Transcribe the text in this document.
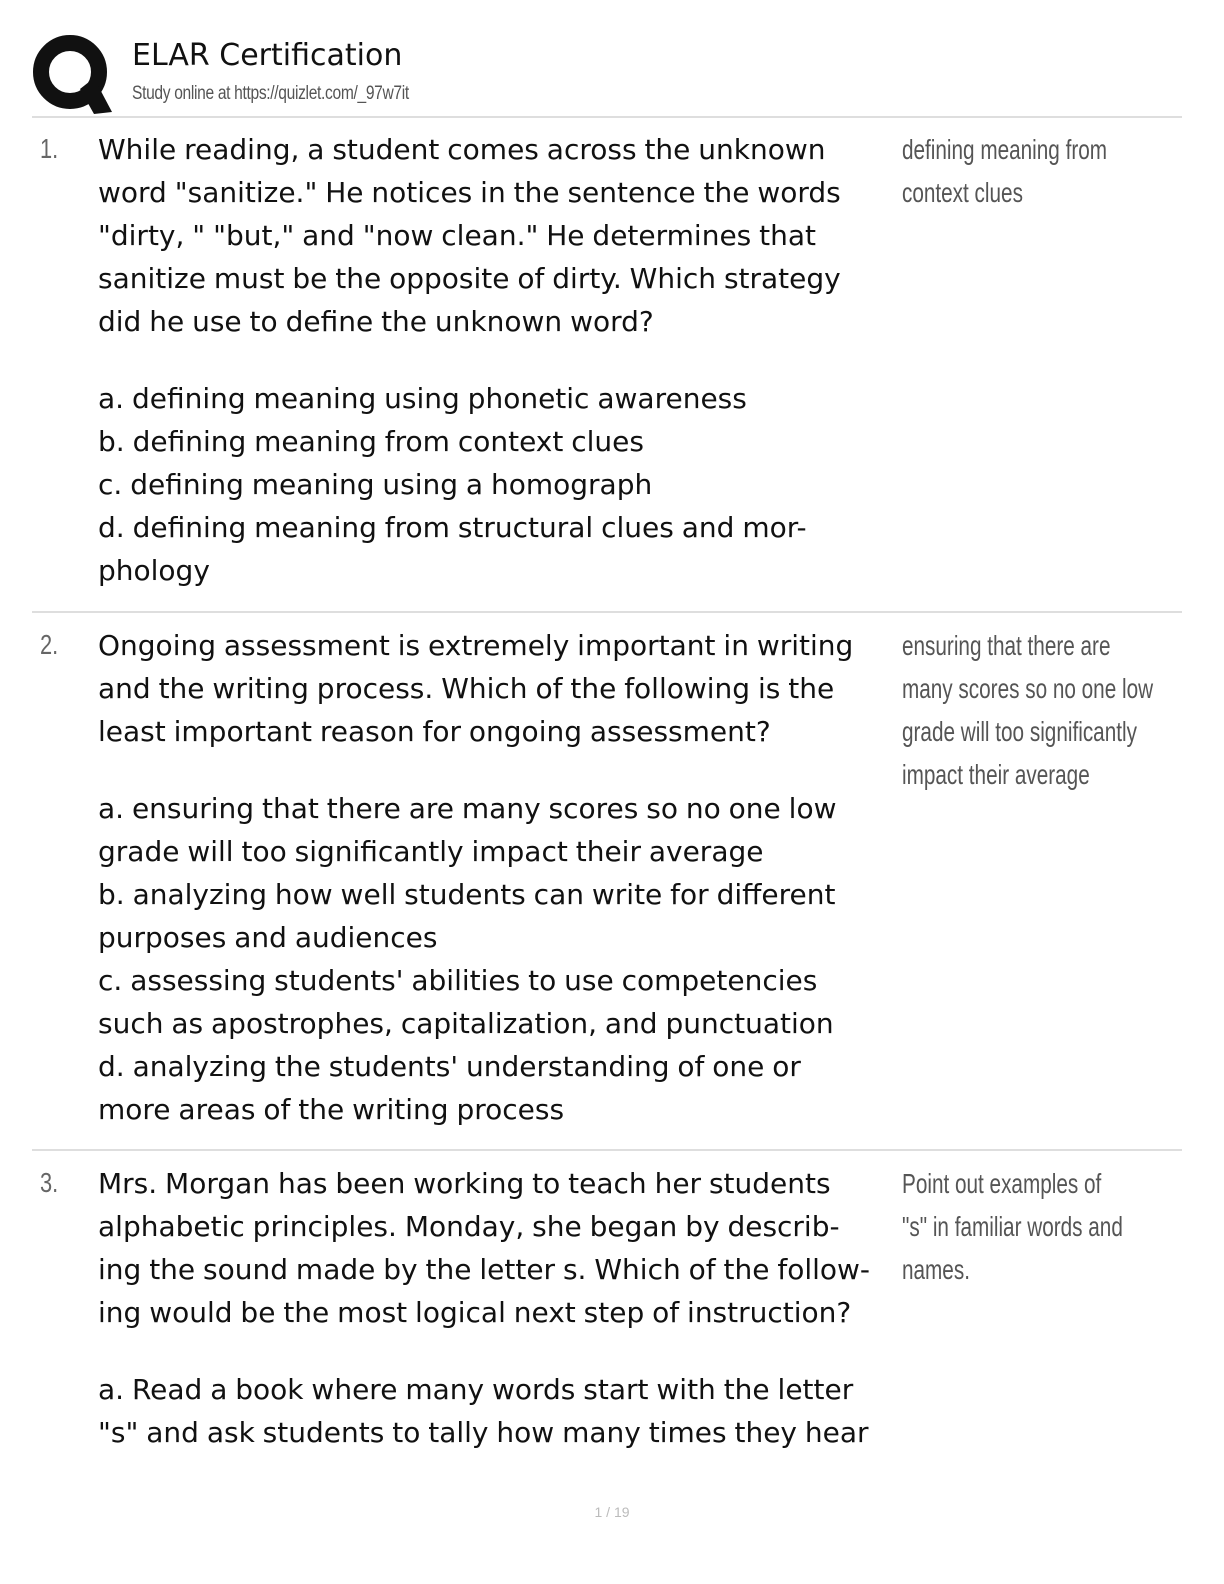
ELAR Certification
Study online at https://quizlet.com/_97w7it
1. While reading, a student comes across the unknown
word "sanitize." He notices in the sentence the words
"dirty, " "but," and "now clean." He determines that
sanitize must be the opposite of dirty. Which strategy
did he use to define the unknown word?
a. defining meaning using phonetic awareness
b. defining meaning from context clues
c. defining meaning using a homograph
d. defining meaning from structural clues and mor-
phology
defining meaning from
context clues
2. Ongoing assessment is extremely important in writing
and the writing process. Which of the following is the
least important reason for ongoing assessment?
a. ensuring that there are many scores so no one low
grade will too significantly impact their average
b. analyzing how well students can write for different
purposes and audiences
c. assessing students' abilities to use competencies
such as apostrophes, capitalization, and punctuation
d. analyzing the students' understanding of one or
more areas of the writing process
ensuring that there are
many scores so no one low
grade will too significantly
impact their average
3. Mrs. Morgan has been working to teach her students
alphabetic principles. Monday, she began by describ-
ing the sound made by the letter s. Which of the follow-
ing would be the most logical next step of instruction?
a. Read a book where many words start with the letter
"s" and ask students to tally how many times they hear
Point out examples of
"s" in familiar words and
names.
1 / 19
